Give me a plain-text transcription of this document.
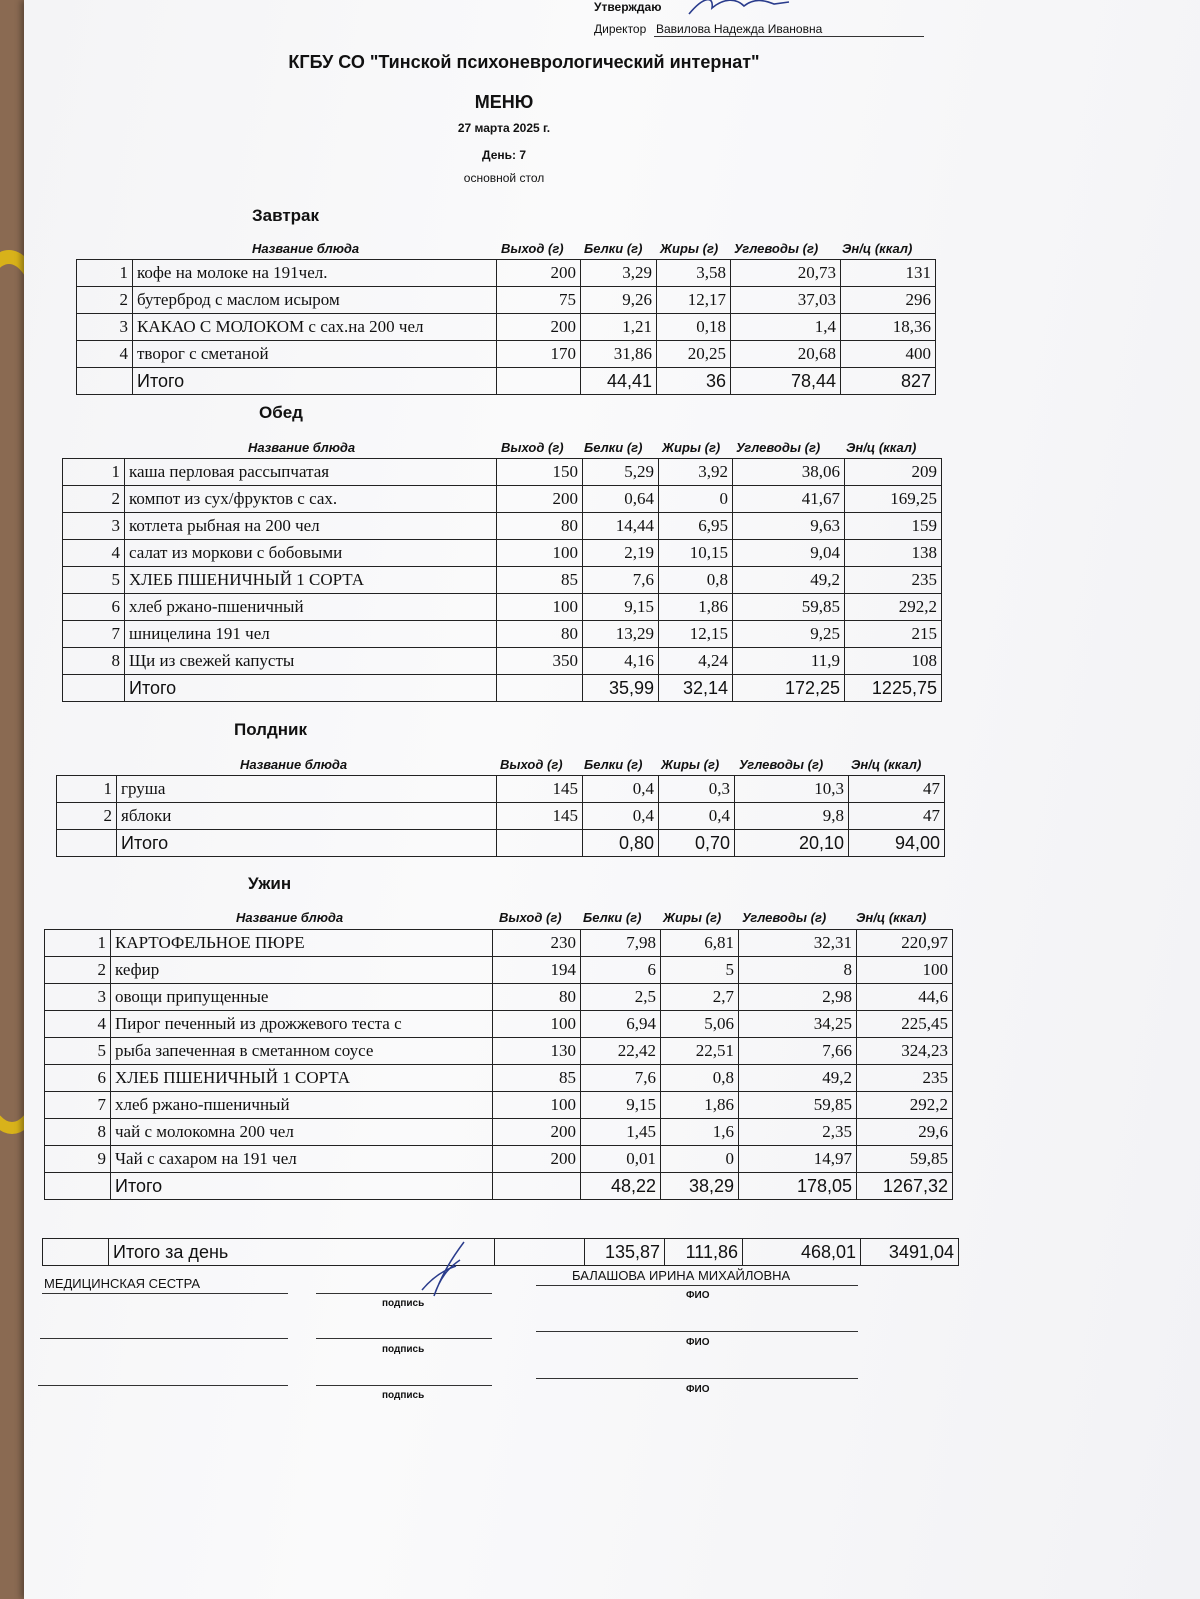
Утверждаю
Директор Вавилова Надежда Ивановна
КГБУ СО "Тинской психоневрологический интернат"
МЕНЮ
27 марта 2025 г.
День: 7
основной стол
Завтрак
Название блюда	Выход (г) Белки (г) Жиры (г) Углеводы (г) Эн/ц (ккал)
1	кофе на молоке на 191чел.	200	3,29	3,58	20,73	131
2	бутерброд с маслом исыром	75	9,26	12,17	37,03	296
3	КАКАО С МОЛОКОМ с сах.на 200 чел	200	1,21	0,18	1,4	18,36
4	творог с сметаной	170	31,86	20,25	20,68	400
	Итого		44,41	36	78,44	827
Обед
Название блюда	Выход (г) Белки (г) Жиры (г) Углеводы (г) Эн/ц (ккал)
1	каша перловая рассыпчатая	150	5,29	3,92	38,06	209
2	компот из сух/фруктов с сах.	200	0,64	0	41,67	169,25
3	котлета рыбная на 200 чел	80	14,44	6,95	9,63	159
4	салат из моркови с бобовыми	100	2,19	10,15	9,04	138
5	ХЛЕБ ПШЕНИЧНЫЙ 1 СОРТА	85	7,6	0,8	49,2	235
6	хлеб ржано-пшеничный	100	9,15	1,86	59,85	292,2
7	шницелина 191 чел	80	13,29	12,15	9,25	215
8	Щи из свежей капусты	350	4,16	4,24	11,9	108
	Итого		35,99	32,14	172,25	1225,75
Полдник
Название блюда	Выход (г) Белки (г) Жиры (г) Углеводы (г) Эн/ц (ккал)
1	груша	145	0,4	0,3	10,3	47
2	яблоки	145	0,4	0,4	9,8	47
	Итого		0,80	0,70	20,10	94,00
Ужин
Название блюда	Выход (г) Белки (г) Жиры (г) Углеводы (г) Эн/ц (ккал)
1	КАРТОФЕЛЬНОЕ ПЮРЕ	230	7,98	6,81	32,31	220,97
2	кефир	194	6	5	8	100
3	овощи припущенные	80	2,5	2,7	2,98	44,6
4	Пирог печенный из дрожжевого теста с	100	6,94	5,06	34,25	225,45
5	рыба запеченная в сметанном соусе	130	22,42	22,51	7,66	324,23
6	ХЛЕБ ПШЕНИЧНЫЙ 1 СОРТА	85	7,6	0,8	49,2	235
7	хлеб ржано-пшеничный	100	9,15	1,86	59,85	292,2
8	чай с молокомна 200 чел	200	1,45	1,6	2,35	29,6
9	Чай с сахаром на 191 чел	200	0,01	0	14,97	59,85
	Итого		48,22	38,29	178,05	1267,32
	Итого за день		135,87	111,86	468,01	3491,04
МЕДИЦИНСКАЯ СЕСТРА
БАЛАШОВА ИРИНА МИХАЙЛОВНА
подпись
ФИО
подпись
ФИО
подпись
ФИО
